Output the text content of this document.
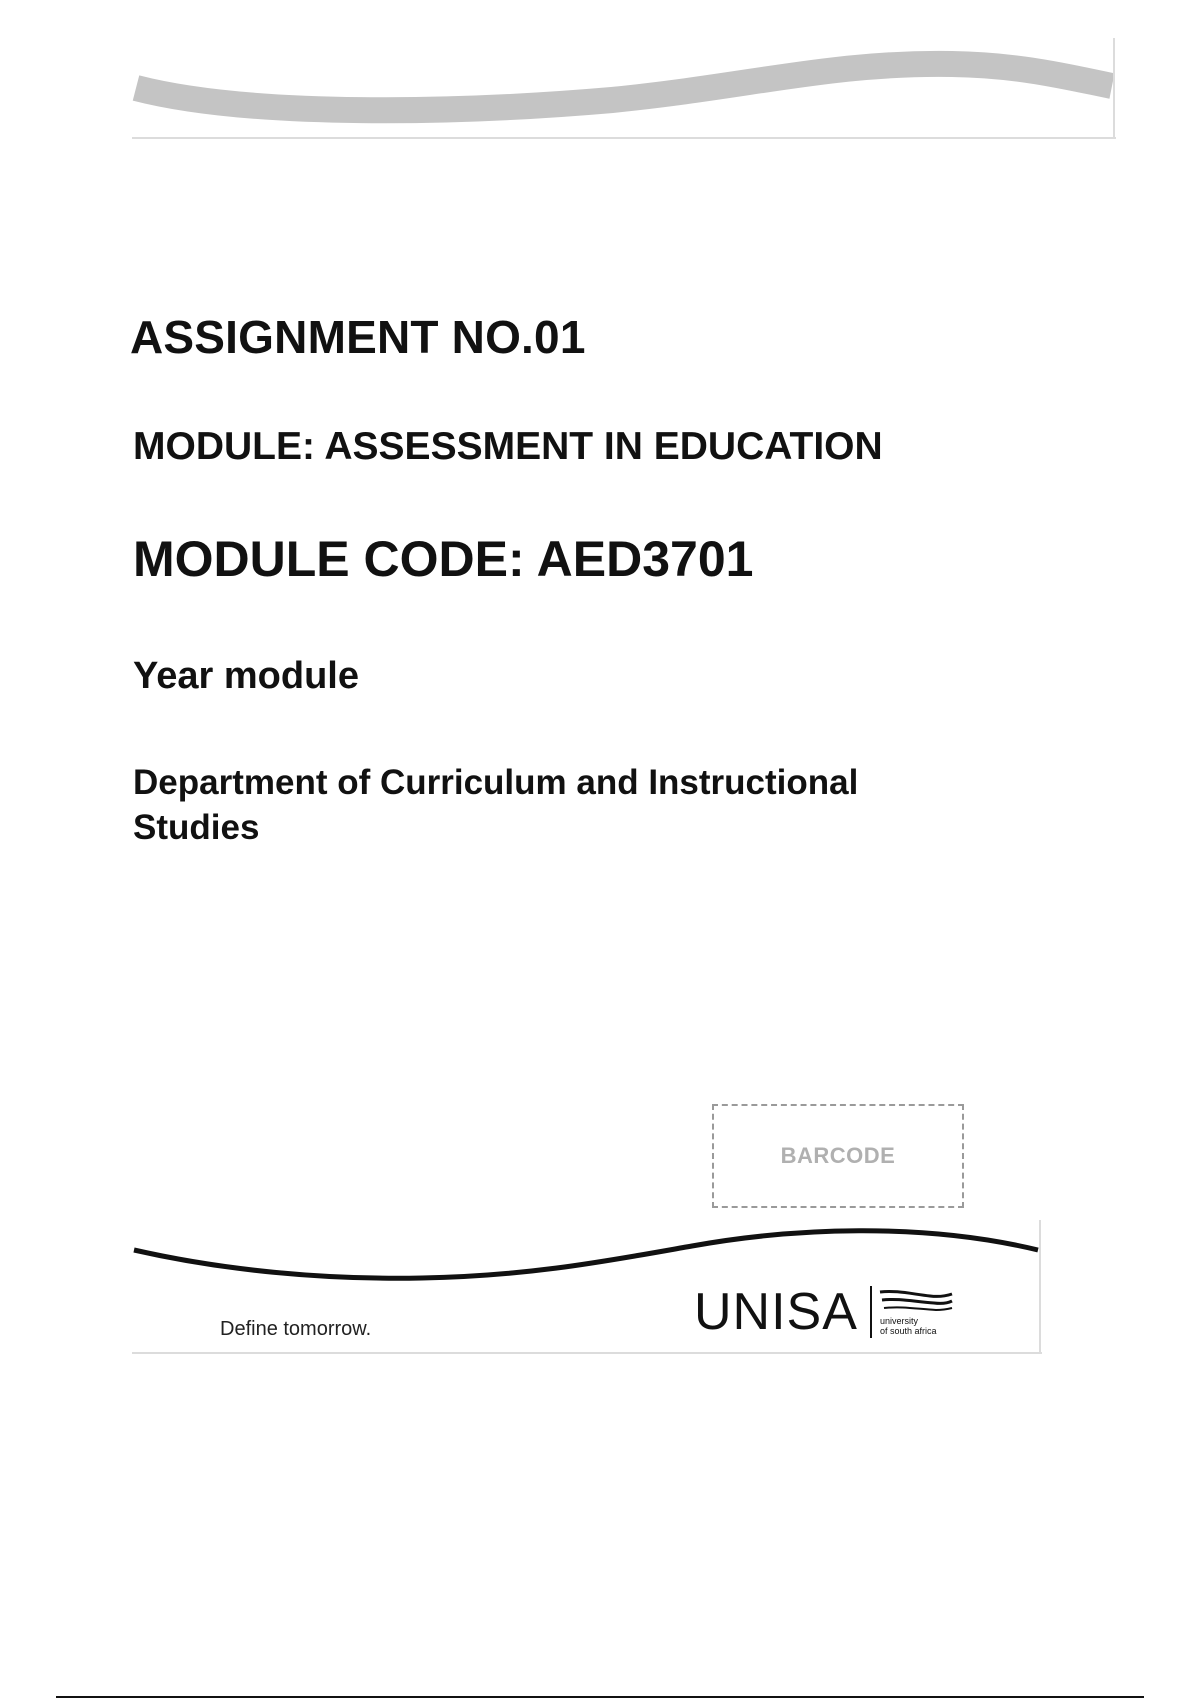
ASSIGNMENT NO.01
MODULE: ASSESSMENT IN EDUCATION
MODULE CODE: AED3701

Year module

Department of Curriculum and Instructional Studies

BARCODE
Define tomorrow.	UNISA university
of south africa
